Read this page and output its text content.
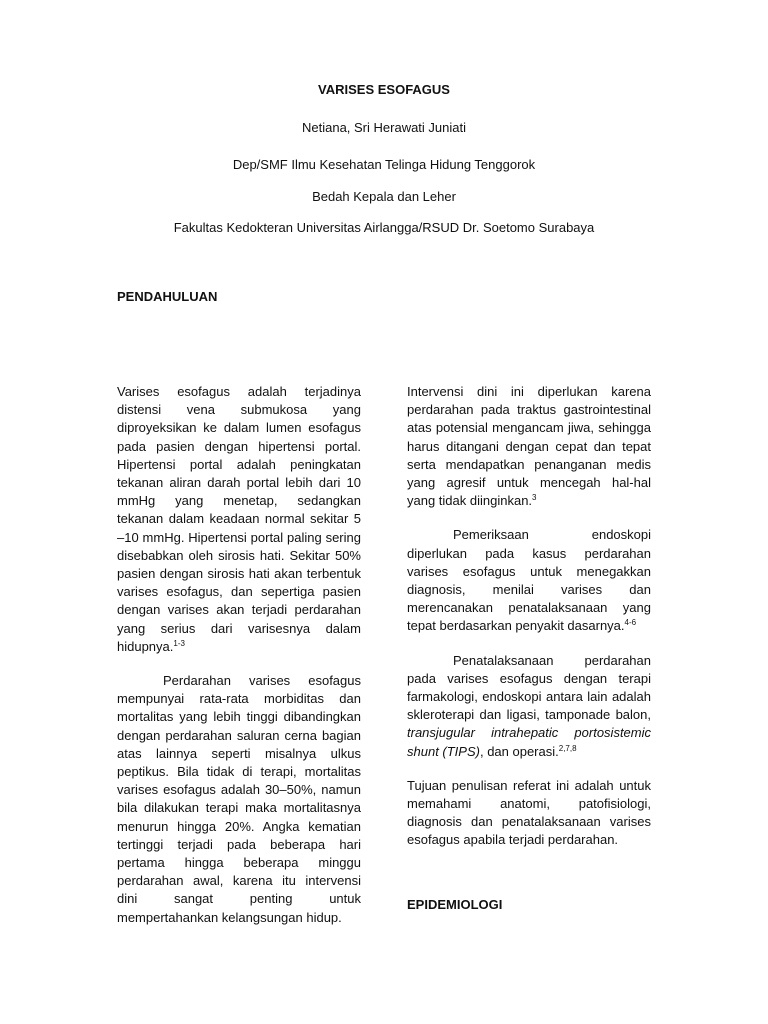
VARISES ESOFAGUS
Netiana, Sri Herawati Juniati
Dep/SMF Ilmu Kesehatan Telinga Hidung Tenggorok
Bedah Kepala dan Leher
Fakultas Kedokteran Universitas Airlangga/RSUD Dr. Soetomo Surabaya
PENDAHULUAN

Varises esofagus adalah terjadinya distensi vena submukosa yang diproyeksikan ke dalam lumen esofagus pada pasien dengan hipertensi portal. Hipertensi portal adalah peningkatan tekanan aliran darah portal lebih dari 10 mmHg yang menetap, sedangkan tekanan dalam keadaan normal sekitar 5 –10 mmHg. Hipertensi portal paling sering disebabkan oleh sirosis hati. Sekitar 50% pasien dengan sirosis hati akan terbentuk varises esofagus, dan sepertiga pasien dengan varises akan terjadi perdarahan yang serius dari varisesnya dalam hidupnya.$^{1-3}$

Perdarahan varises esofagus mempunyai rata-rata morbiditas dan mortalitas yang lebih tinggi dibandingkan dengan perdarahan saluran cerna bagian atas lainnya seperti misalnya ulkus peptikus. Bila tidak di terapi, mortalitas varises esofagus adalah 30–50%, namun bila dilakukan terapi maka mortalitasnya menurun hingga 20%. Angka kematian tertinggi terjadi pada beberapa hari pertama hingga beberapa minggu perdarahan awal, karena itu intervensi dini sangat penting untuk mempertahankan kelangsungan hidup.

Intervensi dini ini diperlukan karena perdarahan pada traktus gastrointestinal atas potensial mengancam jiwa, sehingga harus ditangani dengan cepat dan tepat serta mendapatkan penanganan medis yang agresif untuk mencegah hal-hal yang tidak diinginkan.$^3$

Pemeriksaan endoskopi diperlukan pada kasus perdarahan varises esofagus untuk menegakkan diagnosis, menilai varises dan merencanakan penatalaksanaan yang tepat berdasarkan penyakit dasarnya.$^{4-6}$

Penatalaksanaan perdarahan pada varises esofagus dengan terapi farmakologi, endoskopi antara lain adalah skleroterapi dan ligasi, tamponade balon, transjugular intrahepatic portosistemic shunt (TIPS), dan operasi.$^{2,7,8}$

Tujuan penulisan referat ini adalah untuk memahami anatomi, patofisiologi, diagnosis dan penatalaksanaan varises esofagus apabila terjadi perdarahan.

EPIDEMIOLOGI
